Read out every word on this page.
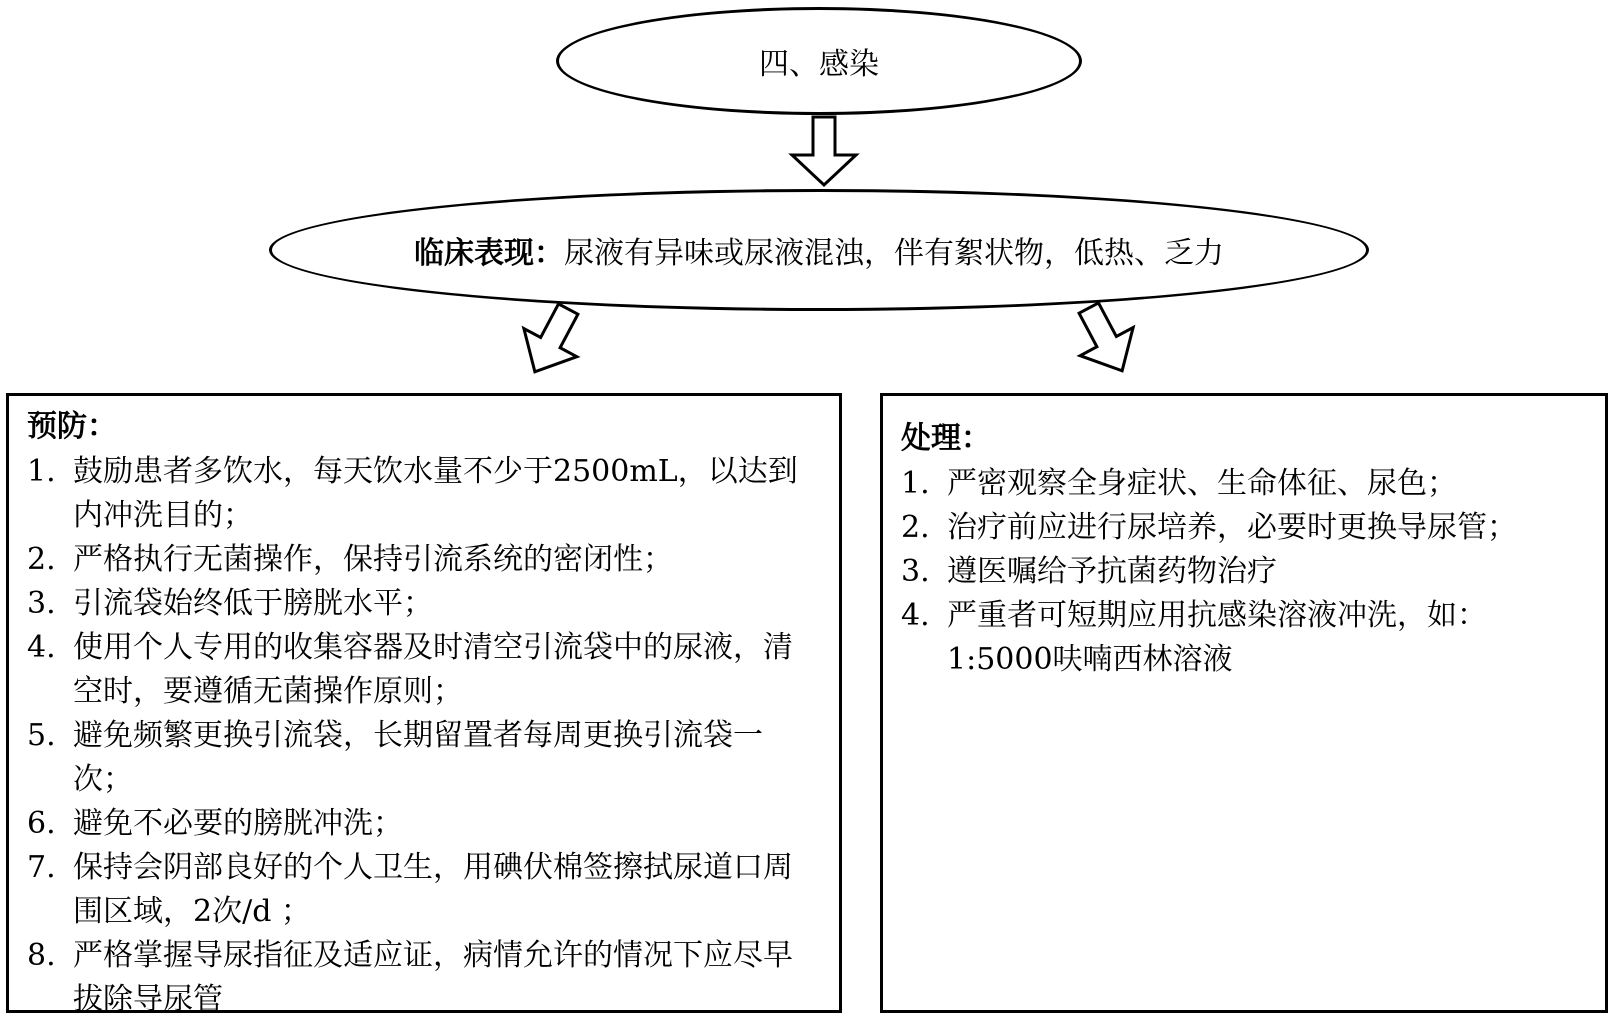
四、感染
临床表现： 尿液有异味或尿液混浊，伴有絮状物，低热、乏力
预防：
1. 鼓励患者多饮水，每天饮水量不少于2500mL，以达到内冲洗目的；
2. 严格执行无菌操作，保持引流系统的密闭性；
3. 引流袋始终低于膀胱水平；
4. 使用个人专用的收集容器及时清空引流袋中的尿液，清空时，要遵循无菌操作原则；
5. 避免频繁更换引流袋，长期留置者每周更换引流袋一次；
6. 避免不必要的膀胱冲洗；
7. 保持会阴部良好的个人卫生，用碘伏棉签擦拭尿道口周围区域，2次/d ；
8. 严格掌握导尿指征及适应证，病情允许的情况下应尽早拔除导尿管
处理：
1. 严密观察全身症状、生命体征、尿色；
2. 治疗前应进行尿培养，必要时更换导尿管；
3. 遵医嘱给予抗菌药物治疗
4. 严重者可短期应用抗感染溶液冲洗，如：1:5000呋喃西林溶液
